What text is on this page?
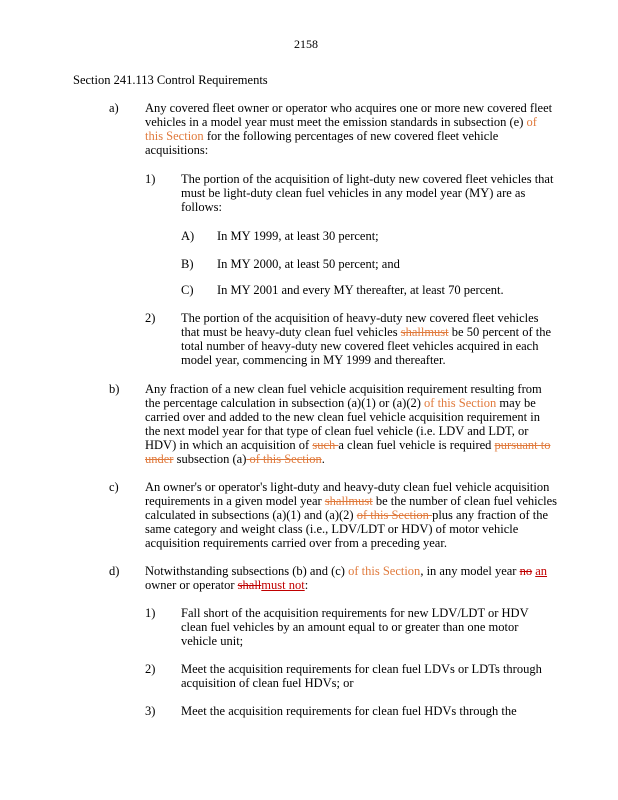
2158
Section 241.113 Control Requirements
a) Any covered fleet owner or operator who acquires one or more new covered fleet
vehicles in a model year must meet the emission standards in subsection (e) of
this Section for the following percentages of new covered fleet vehicle
acquisitions:
1) The portion of the acquisition of light-duty new covered fleet vehicles that
must be light-duty clean fuel vehicles in any model year (MY) are as
follows:
A) In MY 1999, at least 30 percent;
B) In MY 2000, at least 50 percent; and
C) In MY 2001 and every MY thereafter, at least 70 percent.
2) The portion of the acquisition of heavy-duty new covered fleet vehicles
that must be heavy-duty clean fuel vehicles shallmust be 50 percent of the
total number of heavy-duty new covered fleet vehicles acquired in each
model year, commencing in MY 1999 and thereafter.
b) Any fraction of a new clean fuel vehicle acquisition requirement resulting from
the percentage calculation in subsection (a)(1) or (a)(2) of this Section may be
carried over and added to the new clean fuel vehicle acquisition requirement in
the next model year for that type of clean fuel vehicle (i.e. LDV and LDT, or
HDV) in which an acquisition of such a clean fuel vehicle is required pursuant to
under subsection (a) of this Section.
c) An owner's or operator's light-duty and heavy-duty clean fuel vehicle acquisition
requirements in a given model year shallmust be the number of clean fuel vehicles
calculated in subsections (a)(1) and (a)(2) of this Section plus any fraction of the
same category and weight class (i.e., LDV/LDT or HDV) of motor vehicle
acquisition requirements carried over from a preceding year.
d) Notwithstanding subsections (b) and (c) of this Section, in any model year no an
owner or operator shallmust not:
1) Fall short of the acquisition requirements for new LDV/LDT or HDV
clean fuel vehicles by an amount equal to or greater than one motor
vehicle unit;
2) Meet the acquisition requirements for clean fuel LDVs or LDTs through
acquisition of clean fuel HDVs; or
3) Meet the acquisition requirements for clean fuel HDVs through the
